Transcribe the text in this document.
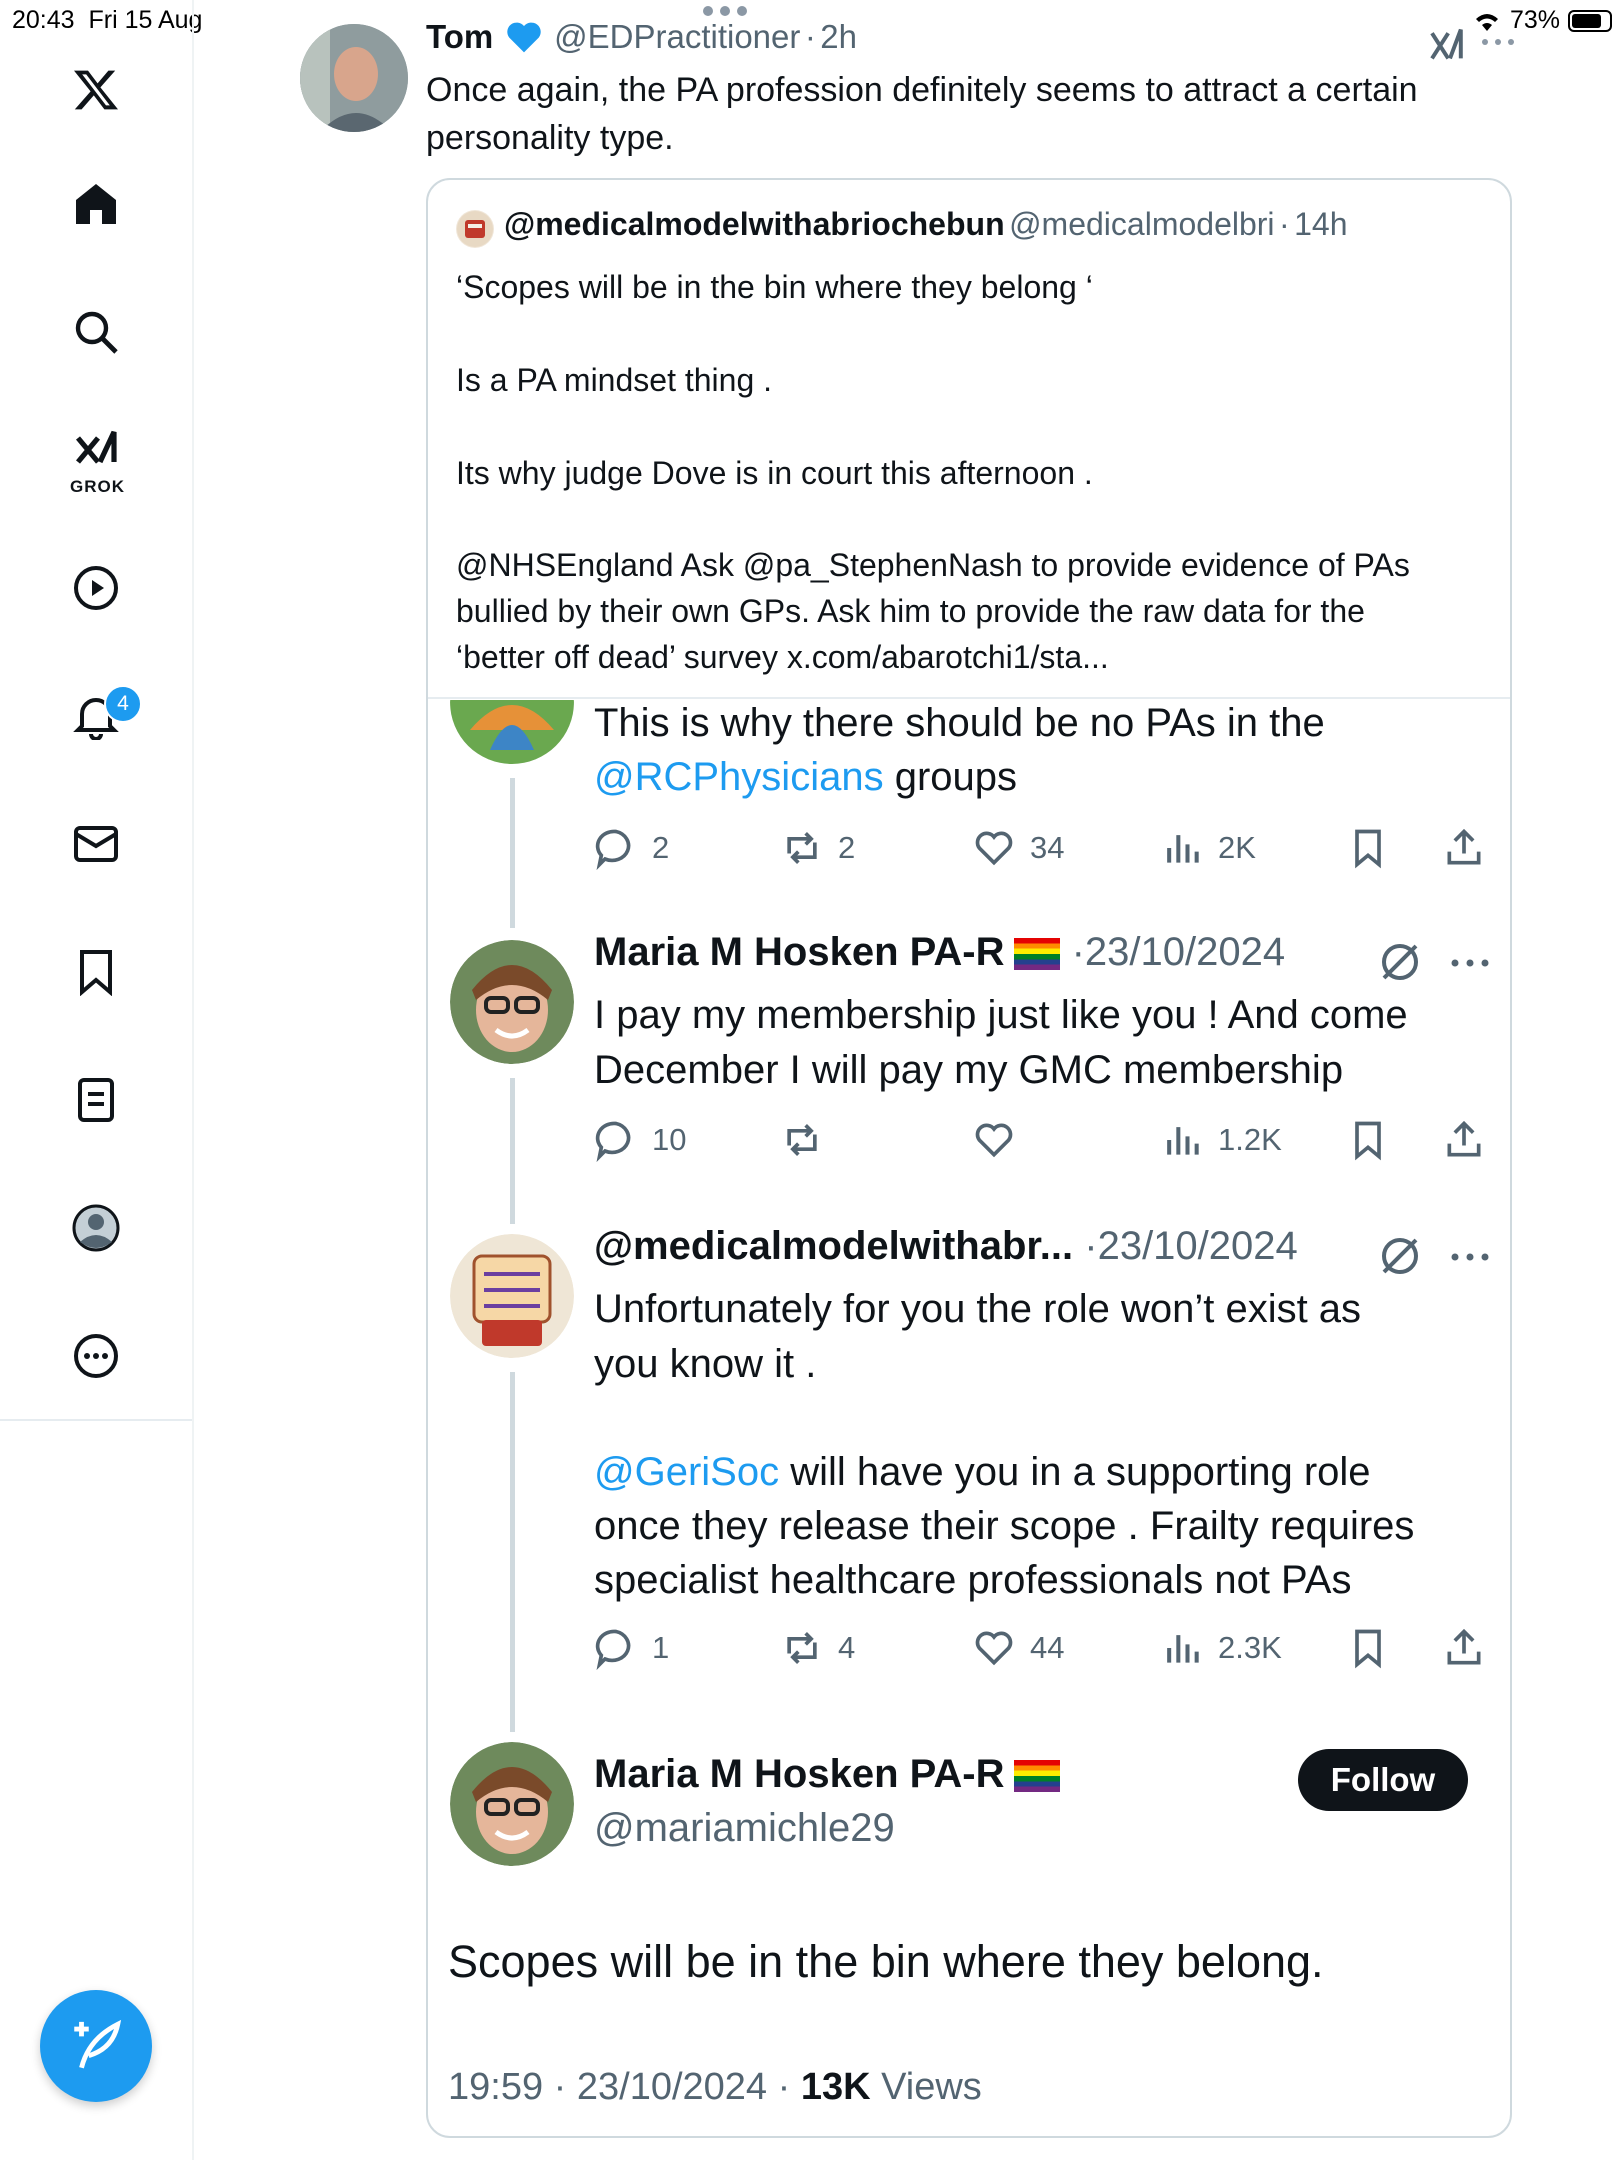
20:43 Fri 15 Aug	73%
GROK
4
Tom @EDPractitioner · 2h
Once again, the PA profession definitely seems to attract a certain personality type.
@medicalmodelwithabriochebun @medicalmodelbri · 14h
‘Scopes will be in the bin where they belong ‘
Is a PA mindset thing .
Its why judge Dove is in court this afternoon .
@NHSEngland Ask @pa_StephenNash to provide evidence of PAs
bullied by their own GPs. Ask him to provide the raw data for the
‘better off dead’ survey x.com/abarotchi1/sta...
This is why there should be no PAs in the
@RCPhysicians groups
2	2	34	2K
Maria M Hosken PA-R ·23/10/2024
I pay my membership just like you ! And come
December I will pay my GMC membership
10	1.2K
@medicalmodelwithabr... ·23/10/2024
Unfortunately for you the role won’t exist as
you know it .
@GeriSoc will have you in a supporting role
once they release their scope . Frailty requires
specialist healthcare professionals not PAs
1	4	44	2.3K
Maria M Hosken PA-R
@mariamichle29
Follow
Scopes will be in the bin where they belong.
19:59 · 23/10/2024 · 13K Views
